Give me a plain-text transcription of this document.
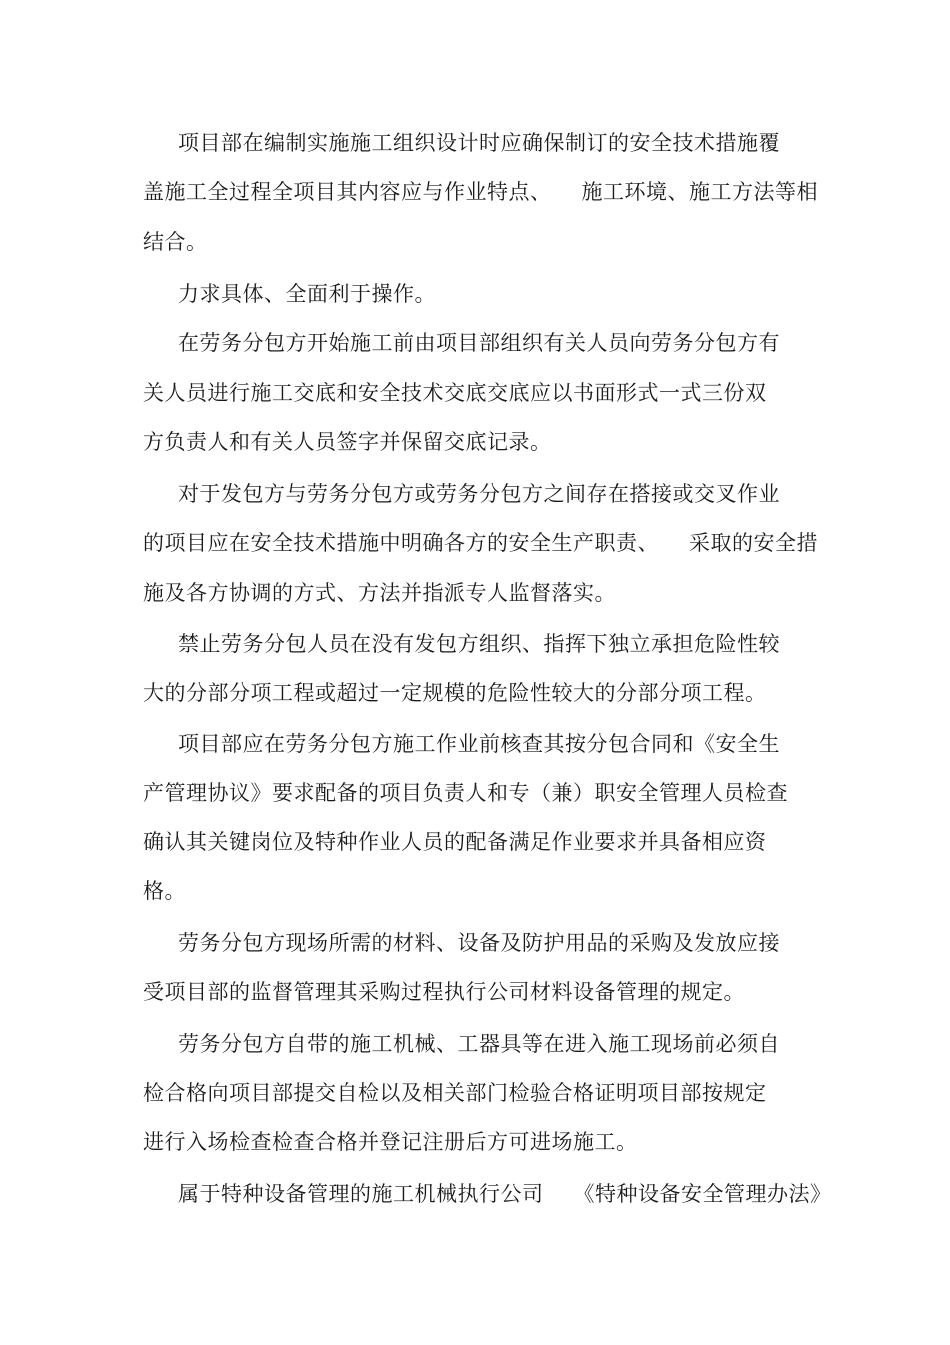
项目部在编制实施施工组织设计时应确保制订的安全技术措施覆
盖施工全过程全项目其内容应与作业特点、 施工环境、施工方法等相
结合。
力求具体、全面利于操作。
在劳务分包方开始施工前由项目部组织有关人员向劳务分包方有
关人员进行施工交底和安全技术交底交底应以书面形式一式三份双
方负责人和有关人员签字并保留交底记录。
对于发包方与劳务分包方或劳务分包方之间存在搭接或交叉作业
的项目应在安全技术措施中明确各方的安全生产职责、 采取的安全措
施及各方协调的方式、方法并指派专人监督落实。
禁止劳务分包人员在没有发包方组织、指挥下独立承担危险性较
大的分部分项工程或超过一定规模的危险性较大的分部分项工程。
项目部应在劳务分包方施工作业前核查其按分包合同和《安全生
产管理协议》要求配备的项目负责人和专（兼）职安全管理人员检查
确认其关键岗位及特种作业人员的配备满足作业要求并具备相应资
格。
劳务分包方现场所需的材料、设备及防护用品的采购及发放应接
受项目部的监督管理其采购过程执行公司材料设备管理的规定。
劳务分包方自带的施工机械、工器具等在进入施工现场前必须自
检合格向项目部提交自检以及相关部门检验合格证明项目部按规定
进行入场检查检查合格并登记注册后方可进场施工。
属于特种设备管理的施工机械执行公司 《特种设备安全管理办法》
